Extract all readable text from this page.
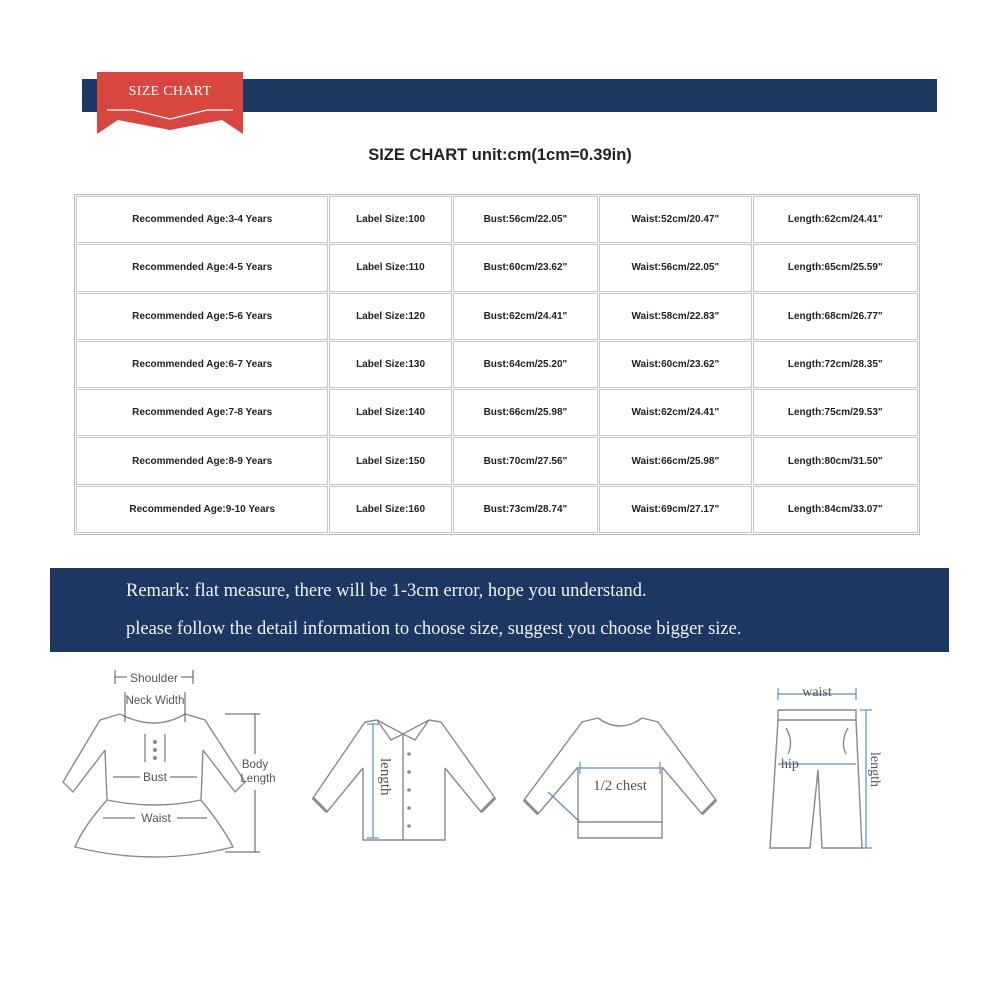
SIZE CHART
SIZE CHART unit:cm(1cm=0.39in)
Recommended Age:3-4 Years	Label Size:100	Bust:56cm/22.05"	Waist:52cm/20.47"	Length:62cm/24.41"
Recommended Age:4-5 Years	Label Size:110	Bust:60cm/23.62"	Waist:56cm/22.05"	Length:65cm/25.59"
Recommended Age:5-6 Years	Label Size:120	Bust:62cm/24.41"	Waist:58cm/22.83"	Length:68cm/26.77"
Recommended Age:6-7 Years	Label Size:130	Bust:64cm/25.20"	Waist:60cm/23.62"	Length:72cm/28.35"
Recommended Age:7-8 Years	Label Size:140	Bust:66cm/25.98"	Waist:62cm/24.41"	Length:75cm/29.53"
Recommended Age:8-9 Years	Label Size:150	Bust:70cm/27.56"	Waist:66cm/25.98"	Length:80cm/31.50"
Recommended Age:9-10 Years	Label Size:160	Bust:73cm/28.74"	Waist:69cm/27.17"	Length:84cm/33.07"
Remark: flat measure, there will be 1-3cm error, hope you understand.
please follow the detail information to choose size, suggest you choose bigger size.
Shoulder
Neck Width
Bust
Waist
Body
Length	length	1/2 chest
waist
hip	length
